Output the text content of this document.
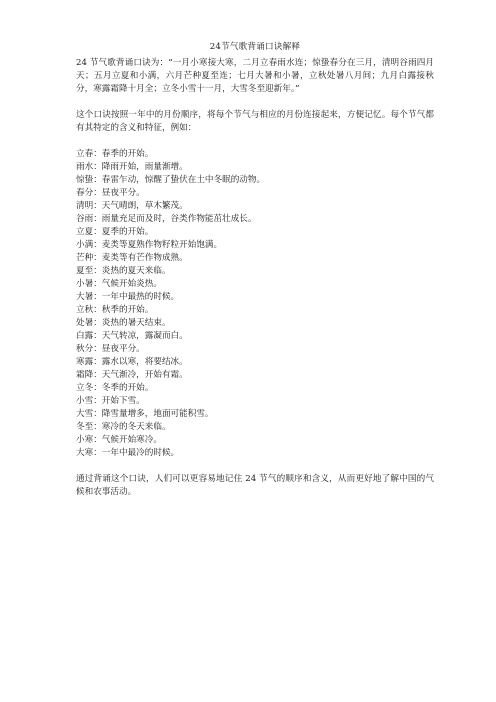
24节气歌背诵口诀解释

24 节气歌背诵口诀为：“一月小寒接大寒，二月立春雨水连；惊蛰春分在三月，清明谷雨四月天；五月立夏和小满，六月芒种夏至连；七月大暑和小暑，立秋处暑八月间；九月白露接秋分，寒露霜降十月全；立冬小雪十一月，大雪冬至迎新年。”

这个口诀按照一年中的月份顺序，将每个节气与相应的月份连接起来，方便记忆。每个节气都有其特定的含义和特征，例如：

立春：春季的开始。
雨水：降雨开始，雨量渐增。
惊蛰：春雷乍动，惊醒了蛰伏在土中冬眠的动物。
春分：昼夜平分。
清明：天气晴朗，草木繁茂。
谷雨：雨量充足而及时，谷类作物能茁壮成长。
立夏：夏季的开始。
小满：麦类等夏熟作物籽粒开始饱满。
芒种：麦类等有芒作物成熟。
夏至：炎热的夏天来临。
小暑：气候开始炎热。
大暑：一年中最热的时候。
立秋：秋季的开始。
处暑：炎热的暑天结束。
白露：天气转凉，露凝而白。
秋分：昼夜平分。
寒露：露水以寒，将要结冰。
霜降：天气渐冷，开始有霜。
立冬：冬季的开始。
小雪：开始下雪。
大雪：降雪量增多，地面可能积雪。
冬至：寒冷的冬天来临。
小寒：气候开始寒冷。
大寒：一年中最冷的时候。

通过背诵这个口诀，人们可以更容易地记住 24 节气的顺序和含义，从而更好地了解中国的气候和农事活动。
